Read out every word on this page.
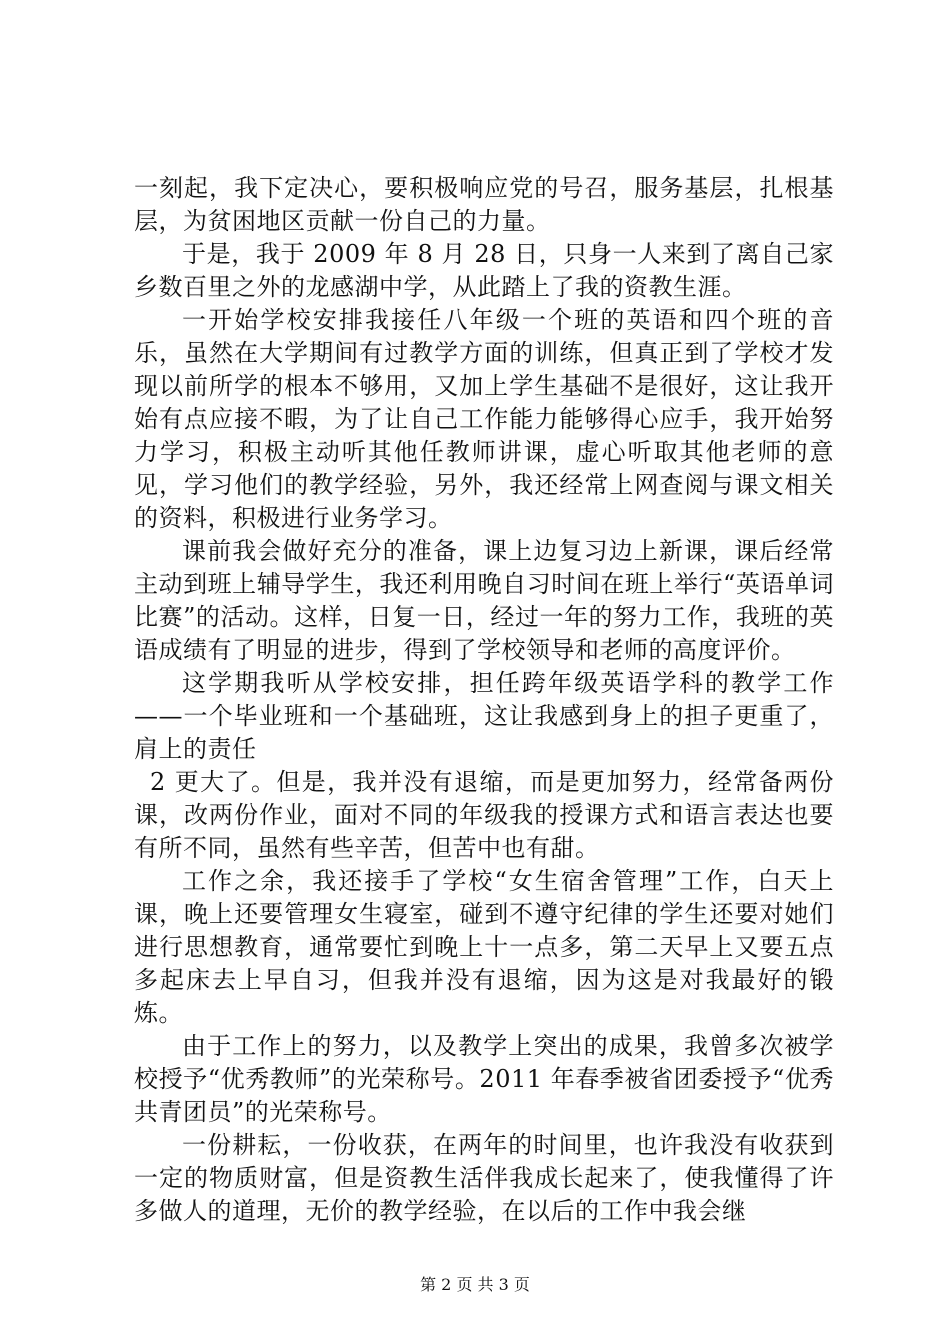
一刻起，我下定决心，要积极响应党的号召，服务基层，扎根基层，为贫困地区贡献一份自己的力量。

于是，我于 2009 年 8 月 28 日，只身一人来到了离自己家乡数百里之外的龙感湖中学，从此踏上了我的资教生涯。

一开始学校安排我接任八年级一个班的英语和四个班的音乐，虽然在大学期间有过教学方面的训练，但真正到了学校才发现以前所学的根本不够用，又加上学生基础不是很好，这让我开始有点应接不暇，为了让自己工作能力能够得心应手，我开始努力学习，积极主动听其他任教师讲课，虚心听取其他老师的意见，学习他们的教学经验，另外，我还经常上网查阅与课文相关的资料，积极进行业务学习。

课前我会做好充分的准备，课上边复习边上新课，课后经常主动到班上辅导学生，我还利用晚自习时间在班上举行“英语单词比赛”的活动。这样，日复一日，经过一年的努力工作，我班的英语成绩有了明显的进步，得到了学校领导和老师的高度评价。

这学期我听从学校安排，担任跨年级英语学科的教学工作——一个毕业班和一个基础班，这让我感到身上的担子更重了，肩上的责任

2 更大了。但是，我并没有退缩，而是更加努力，经常备两份课，改两份作业，面对不同的年级我的授课方式和语言表达也要有所不同，虽然有些辛苦，但苦中也有甜。

工作之余，我还接手了学校“女生宿舍管理”工作，白天上课，晚上还要管理女生寝室，碰到不遵守纪律的学生还要对她们进行思想教育，通常要忙到晚上十一点多，第二天早上又要五点多起床去上早自习，但我并没有退缩，因为这是对我最好的锻炼。

由于工作上的努力，以及教学上突出的成果，我曾多次被学校授予“优秀教师”的光荣称号。2011 年春季被省团委授予“优秀共青团员”的光荣称号。

一份耕耘，一份收获，在两年的时间里，也许我没有收获到一定的物质财富，但是资教生活伴我成长起来了，使我懂得了许多做人的道理，无价的教学经验，在以后的工作中我会继

第 2 页 共 3 页
